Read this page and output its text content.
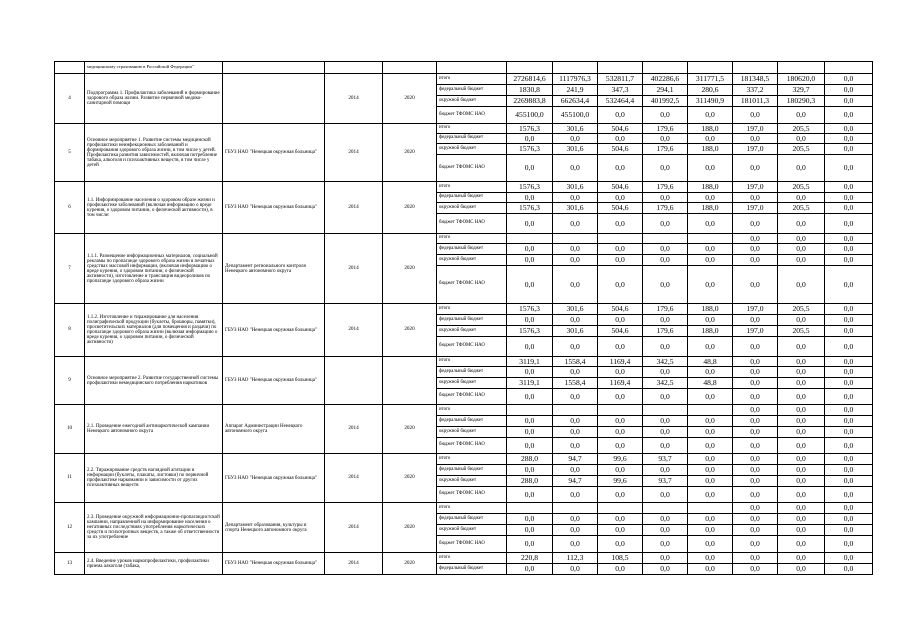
	медицинскому страхованию в Российской Федерации"												
4	Подпрограмма 1. Профилактика заболеваний и формирование здорового образа жизни. Развитие первичной медико-санитарной помощи		2014	2020	итого	2726814,6	1117976,3	532811,7	402286,6	311771,5	181348,5	180620,0	0,0
					федеральный бюджет	1830,8	241,9	347,3	294,1	280,6	337,2	329,7	0,0
					окружной бюджет	2269883,8	662634,4	532464,4	401992,5	311490,9	181011,3	180290,3	0,0
					бюджет ТФОМС НАО	455100,0	455100,0	0,0	0,0	0,0	0,0	0,0	0,0
5	Основное мероприятие 1. Развитие системы медицинской профилактики неинфекционных заболеваний и формирования здорового образа жизни, в том числе у детей. Профилактика развития зависимостей, включая потребление табака, алкоголя и психоактивных веществ, в том числе у детей	ГБУЗ НАО "Ненецкая окружная больница"	2014	2020	итого	1576,3	301,6	504,6	179,6	188,0	197,0	205,5	0,0
					федеральный бюджет	0,0	0,0	0,0	0,0	0,0	0,0	0,0	0,0
					окружной бюджет	1576,3	301,6	504,6	179,6	188,0	197,0	205,5	0,0
					бюджет ТФОМС НАО	0,0	0,0	0,0	0,0	0,0	0,0	0,0	0,0
6	1.1. Информирование населения о здоровом образе жизни и профилактике заболеваний (включая информацию о вреде курения, о здоровом питании, о физической активности), в том числе:	ГБУЗ НАО "Ненецкая окружная больница"	2014	2020	итого	1576,3	301,6	504,6	179,6	188,0	197,0	205,5	0,0
					федеральный бюджет	0,0	0,0	0,0	0,0	0,0	0,0	0,0	0,0
					окружной бюджет	1576,3	301,6	504,6	179,6	188,0	197,0	205,5	0,0
					бюджет ТФОМС НАО	0,0	0,0	0,0	0,0	0,0	0,0	0,0	0,0
7	1.1.1. Размещение информационных материалов, социальной рекламы по пропаганде здорового образа жизни в печатных средствах массовой информации, (включая информацию о вреде курения, о здоровом питании, о физической активности), изготовление и трансляция видеороликов по пропаганде здорового образа жизни	Департамент регионального контроля Ненецкого автономного округа	2014	2020	итого						0,0	0,0	0,0
					федеральный бюджет	0,0	0,0	0,0	0,0	0,0	0,0	0,0	0,0
					окружной бюджет	0,0	0,0	0,0	0,0	0,0	0,0	0,0	0,0
					бюджет ТФОМС НАО	0,0	0,0	0,0	0,0	0,0	0,0	0,0	0,0
8	1.1.2. Изготовление и тиражирование для населения полиграфической продукции (буклеты, брошюры, памятки), просветительских материалов (для помещения и раздачи) по пропаганде здорового образа жизни (включая информацию о вреде курения, о здоровом питании, о физической активности)	ГБУЗ НАО "Ненецкая окружная больница"	2014	2020	итого	1576,3	301,6	504,6	179,6	188,0	197,0	205,5	0,0
					федеральный бюджет	0,0	0,0	0,0	0,0	0,0	0,0	0,0	0,0
					окружной бюджет	1576,3	301,6	504,6	179,6	188,0	197,0	205,5	0,0
					бюджет ТФОМС НАО	0,0	0,0	0,0	0,0	0,0	0,0	0,0	0,0
9	Основное мероприятие 2. Развитие государственной системы профилактики немедицинского потребления наркотиков	ГБУЗ НАО "Ненецкая окружная больница"			итого	3119,1	1558,4	1169,4	342,5	48,8	0,0	0,0	0,0
					федеральный бюджет	0,0	0,0	0,0	0,0	0,0	0,0	0,0	0,0
					окружной бюджет	3119,1	1558,4	1169,4	342,5	48,8	0,0	0,0	0,0
					бюджет ТФОМС НАО	0,0	0,0	0,0	0,0	0,0	0,0	0,0	0,0
10	2.1. Проведение ежегодной антинаркотической кампании Ненецкого автономного округа	Аппарат Администрации Ненецкого автономного округа	2014	2020	итого						0,0	0,0	0,0
					федеральный бюджет	0,0	0,0	0,0	0,0	0,0	0,0	0,0	0,0
					окружной бюджет	0,0	0,0	0,0	0,0	0,0	0,0	0,0	0,0
					бюджет ТФОМС НАО	0,0	0,0	0,0	0,0	0,0	0,0	0,0	0,0
11	2.2. Тиражирование средств наглядной агитации и информации (буклеты, плакаты, листовки) по первичной профилактике наркомании и зависимости от других психоактивных веществ	ГБУЗ НАО "Ненецкая окружная больница"	2014	2020	итого	288,0	94,7	99,6	93,7	0,0	0,0	0,0	0,0
					федеральный бюджет	0,0	0,0	0,0	0,0	0,0	0,0	0,0	0,0
					окружной бюджет	288,0	94,7	99,6	93,7	0,0	0,0	0,0	0,0
					бюджет ТФОМС НАО	0,0	0,0	0,0	0,0	0,0	0,0	0,0	0,0
12	2.3. Проведение окружной информационно-пропагандистской кампании, направленной на информирование населения о негативных последствиях употребления наркотических средств и психотропных веществ, а также об ответственности за их употребление	Департамент образования, культуры и спорта Ненецкого автономного округа	2014	2020	итого						0,0	0,0	0,0
					федеральный бюджет	0,0	0,0	0,0	0,0	0,0	0,0	0,0	0,0
					окружной бюджет	0,0	0,0	0,0	0,0	0,0	0,0	0,0	0,0
					бюджет ТФОМС НАО	0,0	0,0	0,0	0,0	0,0	0,0	0,0	0,0
13	2.4. Введение уроков наркопрофилактики, профилактики приема алкоголя (табака,	ГБУЗ НАО "Ненецкая окружная больница"	2014	2020	итого	220,8	112,3	108,5	0,0	0,0	0,0	0,0	0,0
					федеральный бюджет	0,0	0,0	0,0	0,0	0,0	0,0	0,0	0,0
